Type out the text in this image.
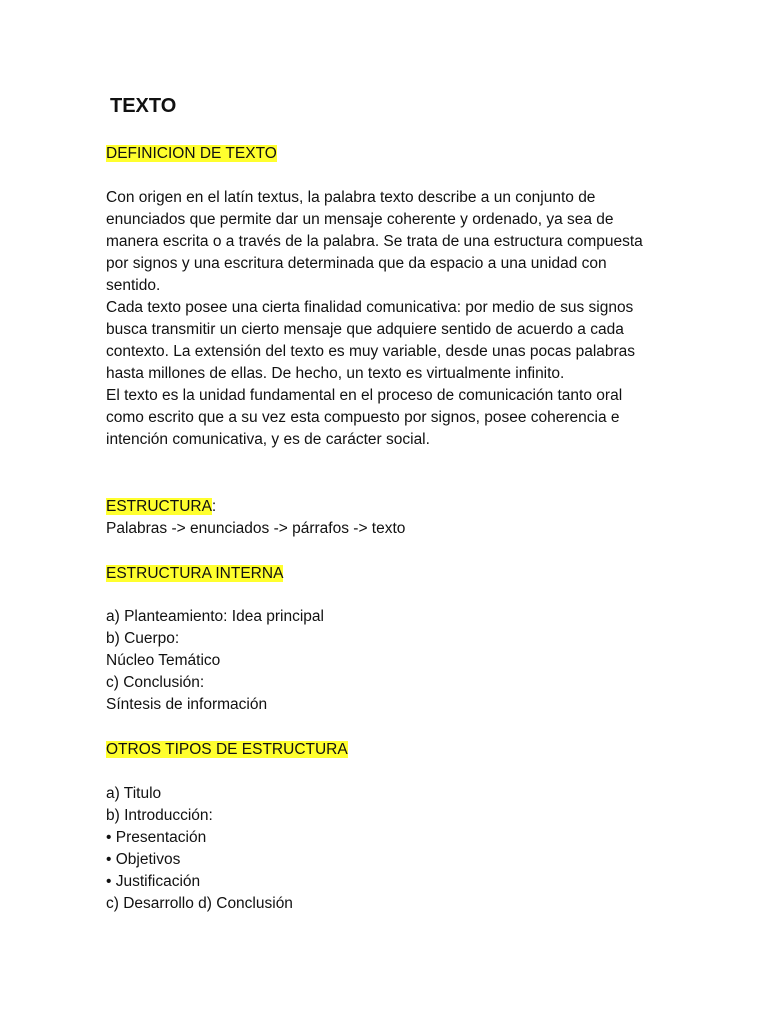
TEXTO
DEFINICION DE TEXTO
Con origen en el latín textus, la palabra texto describe a un conjunto de
enunciados que permite dar un mensaje coherente y ordenado, ya sea de
manera escrita o a través de la palabra. Se trata de una estructura compuesta
por signos y una escritura determinada que da espacio a una unidad con
sentido.
Cada texto posee una cierta finalidad comunicativa: por medio de sus signos
busca transmitir un cierto mensaje que adquiere sentido de acuerdo a cada
contexto. La extensión del texto es muy variable, desde unas pocas palabras
hasta millones de ellas. De hecho, un texto es virtualmente infinito.
El texto es la unidad fundamental en el proceso de comunicación tanto oral
como escrito que a su vez esta compuesto por signos, posee coherencia e
intención comunicativa, y es de carácter social.
ESTRUCTURA:
Palabras -> enunciados -> párrafos -> texto
ESTRUCTURA INTERNA
a) Planteamiento: Idea principal
b) Cuerpo:
Núcleo Temático
c) Conclusión:
Síntesis de información
OTROS TIPOS DE ESTRUCTURA
a) Titulo
b) Introducción:
• Presentación
• Objetivos
• Justificación
c) Desarrollo d) Conclusión
